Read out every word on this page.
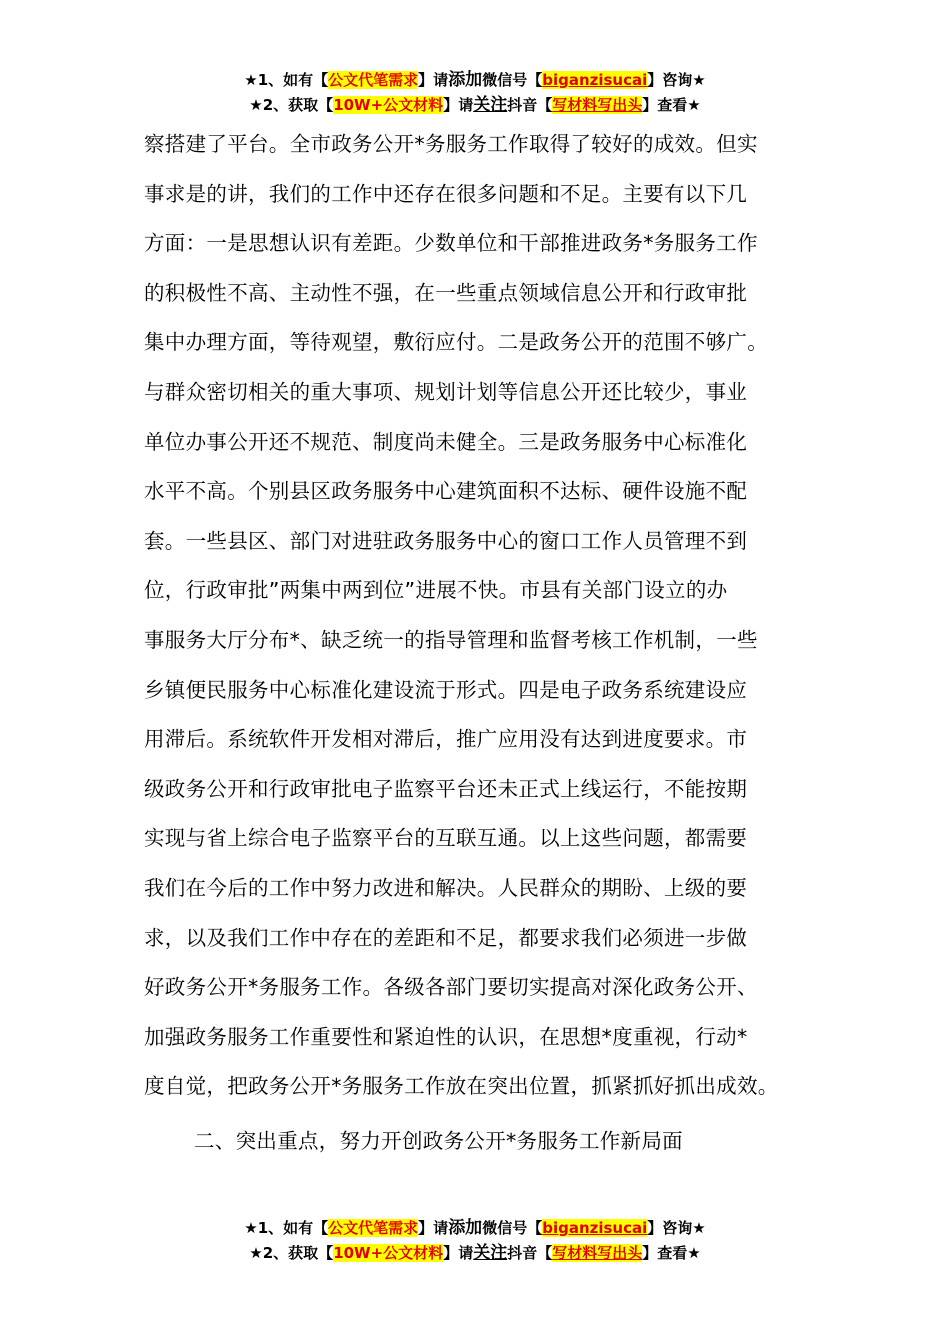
★1、如有【公文代笔需求】请添加微信号【biganzisucai】咨询★
★2、获取【10W+公文材料】请关注抖音【写材料写出头】查看★
察搭建了平台。全市政务公开*务服务工作取得了较好的成效。但实
事求是的讲，我们的工作中还存在很多问题和不足。主要有以下几
方面：一是思想认识有差距。少数单位和干部推进政务*务服务工作
的积极性不高、主动性不强，在一些重点领域信息公开和行政审批
集中办理方面，等待观望，敷衍应付。二是政务公开的范围不够广。
与群众密切相关的重大事项、规划计划等信息公开还比较少，事业
单位办事公开还不规范、制度尚未健全。三是政务服务中心标准化
水平不高。个别县区政务服务中心建筑面积不达标、硬件设施不配
套。一些县区、部门对进驻政务服务中心的窗口工作人员管理不到
位，行政审批”两集中两到位”进展不快。市县有关部门设立的办
事服务大厅分布*、缺乏统一的指导管理和监督考核工作机制，一些
乡镇便民服务中心标准化建设流于形式。四是电子政务系统建设应
用滞后。系统软件开发相对滞后，推广应用没有达到进度要求。市
级政务公开和行政审批电子监察平台还未正式上线运行，不能按期
实现与省上综合电子监察平台的互联互通。以上这些问题，都需要
我们在今后的工作中努力改进和解决。人民群众的期盼、上级的要
求，以及我们工作中存在的差距和不足，都要求我们必须进一步做
好政务公开*务服务工作。各级各部门要切实提高对深化政务公开、
加强政务服务工作重要性和紧迫性的认识，在思想*度重视，行动*
度自觉，把政务公开*务服务工作放在突出位置，抓紧抓好抓出成效。
二、突出重点，努力开创政务公开*务服务工作新局面
★1、如有【公文代笔需求】请添加微信号【biganzisucai】咨询★
★2、获取【10W+公文材料】请关注抖音【写材料写出头】查看★
